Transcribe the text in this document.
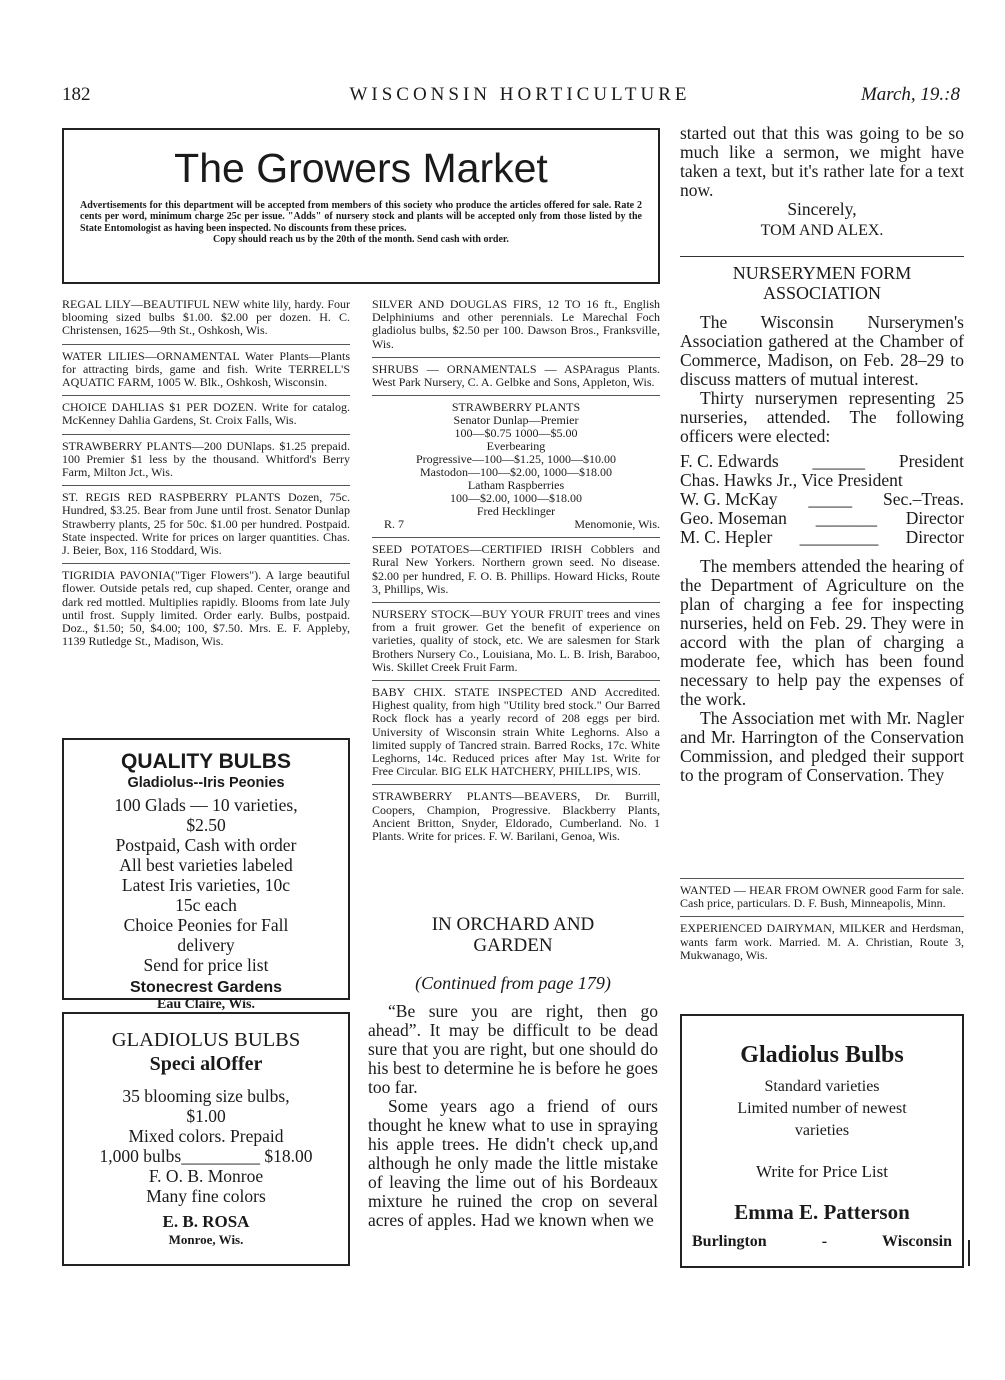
182	WISCONSIN HORTICULTURE	March, 19.:8
The Growers Market
Advertisements for this department will be accepted from members of this society who produce the articles offered for sale. Rate 2 cents per word, minimum charge 25c per issue. "Adds" of nursery stock and plants will be accepted only from those listed by the State Entomologist as having been inspected. No discounts from these prices.
Copy should reach us by the 20th of the month. Send cash with order.

REGAL LILY—BEAUTIFUL NEW white lily, hardy. Four blooming sized bulbs $1.00. $2.00 per dozen. H. C. Christensen, 1625—9th St., Oshkosh, Wis.

WATER LILIES—ORNAMENTAL Water Plants—Plants for attracting birds, game and fish. Write TERRELL'S AQUATIC FARM, 1005 W. Blk., Oshkosh, Wisconsin.

CHOICE DAHLIAS $1 PER DOZEN. Write for catalog. McKenney Dahlia Gardens, St. Croix Falls, Wis.

STRAWBERRY PLANTS—200 DUNlaps. $1.25 prepaid. 100 Premier $1 less by the thousand. Whitford's Berry Farm, Milton Jct., Wis.

ST. REGIS RED RASPBERRY PLANTS Dozen, 75c. Hundred, $3.25. Bear from June until frost. Senator Dunlap Strawberry plants, 25 for 50c. $1.00 per hundred. Postpaid. State inspected. Write for prices on larger quantities. Chas. J. Beier, Box, 116 Stoddard, Wis.

TIGRIDIA PAVONIA("Tiger Flowers"). A large beautiful flower. Outside petals red, cup shaped. Center, orange and dark red mottled. Multiplies rapidly. Blooms from late July until frost. Supply limited. Order early. Bulbs, postpaid. Doz., $1.50; 50, $4.00; 100, $7.50. Mrs. E. F. Appleby, 1139 Rutledge St., Madison, Wis.

QUALITY BULBS
Gladiolus--Iris Peonies
100 Glads — 10 varieties,
$2.50
Postpaid, Cash with order
All best varieties labeled
Latest Iris varieties, 10c
15c each
Choice Peonies for Fall
delivery
Send for price list
Stonecrest Gardens
Eau Claire, Wis.
GLADIOLUS BULBS
Speci alOffer
35 blooming size bulbs,
$1.00
Mixed colors. Prepaid
1,000 bulbs_________ $18.00
F. O. B. Monroe
Many fine colors
E. B. ROSA
Monroe, Wis.

SILVER AND DOUGLAS FIRS, 12 TO 16 ft., English Delphiniums and other perennials. Le Marechal Foch gladiolus bulbs, $2.50 per 100. Dawson Bros., Franksville, Wis.

SHRUBS — ORNAMENTALS — ASPAragus Plants. West Park Nursery, C. A. Gelbke and Sons, Appleton, Wis.

STRAWBERRY PLANTS
Senator Dunlap—Premier
100—$0.75 1000—$5.00
Everbearing
Progressive—100—$1.25, 1000—$10.00
Mastodon—100—$2.00, 1000—$18.00
Latham Raspberries
100—$2.00, 1000—$18.00
Fred Hecklinger
R. 7	Menomonie, Wis.

SEED POTATOES—CERTIFIED IRISH Cobblers and Rural New Yorkers. Northern grown seed. No disease. $2.00 per hundred, F. O. B. Phillips. Howard Hicks, Route 3, Phillips, Wis.

NURSERY STOCK—BUY YOUR FRUIT trees and vines from a fruit grower. Get the benefit of experience on varieties, quality of stock, etc. We are salesmen for Stark Brothers Nursery Co., Louisiana, Mo. L. B. Irish, Baraboo, Wis. Skillet Creek Fruit Farm.

BABY CHIX. STATE INSPECTED AND Accredited. Highest quality, from high "Utility bred stock." Our Barred Rock flock has a yearly record of 208 eggs per bird. University of Wisconsin strain White Leghorns. Also a limited supply of Tancred strain. Barred Rocks, 17c. White Leghorns, 14c. Reduced prices after May 1st. Write for Free Circular. BIG ELK HATCHERY, PHILLIPS, WIS.

STRAWBERRY PLANTS—BEAVERS, Dr. Burrill, Coopers, Champion, Progressive. Blackberry Plants, Ancient Britton, Snyder, Eldorado, Cumberland. No. 1 Plants. Write for prices. F. W. Barilani, Genoa, Wis.

IN ORCHARD AND GARDEN
(Continued from page 179)

“Be sure you are right, then go ahead”. It may be difficult to be dead sure that you are right, but one should do his best to determine he is before he goes too far.

Some years ago a friend of ours thought he knew what to use in spraying his apple trees. He didn't check up,and although he only made the little mistake of leaving the lime out of his Bordeaux mixture he ruined the crop on several acres of apples. Had we known when we

started out that this was going to be so much like a sermon, we might have taken a text, but it's rather late for a text now.

Sincerely,
TOM AND ALEX.
NURSERYMEN FORM ASSOCIATION

The Wisconsin Nurserymen's Association gathered at the Chamber of Commerce, Madison, on Feb. 28–29 to discuss matters of mutual interest.

Thirty nurserymen representing 25 nurseries, attended. The following officers were elected:

F. C. Edwards ______ President
Chas. Hawks Jr., Vice President
W. G. McKay _____ Sec.–Treas.
Geo. Moseman _______ Director
M. C. Hepler _________ Director

The members attended the hearing of the Department of Agriculture on the plan of charging a fee for inspecting nurseries, held on Feb. 29. They were in accord with the plan of charging a moderate fee, which has been found necessary to help pay the expenses of the work.

The Association met with Mr. Nagler and Mr. Harrington of the Conservation Commission, and pledged their support to the program of Conservation. They

WANTED — HEAR FROM OWNER good Farm for sale. Cash price, particulars. D. F. Bush, Minneapolis, Minn.

EXPERIENCED DAIRYMAN, MILKER and Herdsman, wants farm work. Married. M. A. Christian, Route 3, Mukwanago, Wis.

Gladiolus Bulbs
Standard varieties
Limited number of newest
varieties
Write for Price List
Emma E. Patterson
Burlington	-	Wisconsin
